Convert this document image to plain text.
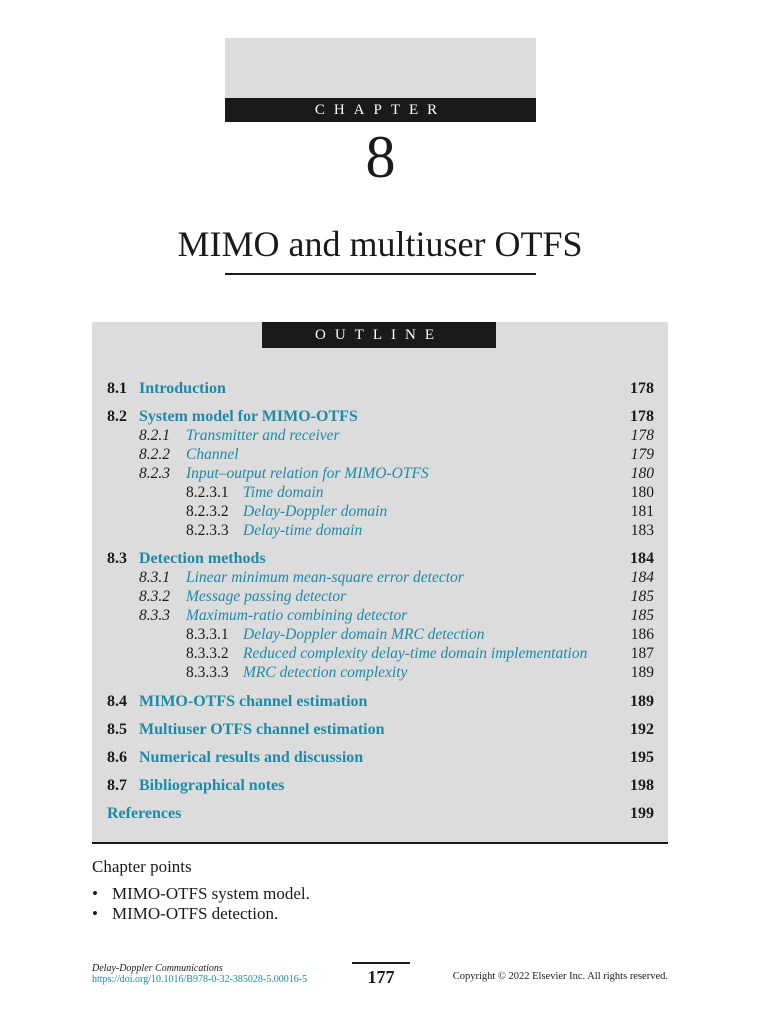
CHAPTER
8
MIMO and multiuser OTFS
OUTLINE
8.1 Introduction	178
8.2 System model for MIMO-OTFS	178
8.2.1 Transmitter and receiver	178
8.2.2 Channel	179
8.2.3 Input–output relation for MIMO-OTFS	180
8.2.3.1 Time domain	180
8.2.3.2 Delay-Doppler domain	181
8.2.3.3 Delay-time domain	183
8.3 Detection methods	184
8.3.1 Linear minimum mean-square error detector	184
8.3.2 Message passing detector	185
8.3.3 Maximum-ratio combining detector	185
8.3.3.1 Delay-Doppler domain MRC detection	186
8.3.3.2 Reduced complexity delay-time domain implementation	187
8.3.3.3 MRC detection complexity	189
8.4 MIMO-OTFS channel estimation	189
8.5 Multiuser OTFS channel estimation	192
8.6 Numerical results and discussion	195
8.7 Bibliographical notes	198
References	199
Chapter points
• MIMO-OTFS system model.
• MIMO-OTFS detection.
Delay-Doppler Communications
https://doi.org/10.1016/B978-0-32-385028-5.00016-5	177	Copyright © 2022 Elsevier Inc. All rights reserved.
